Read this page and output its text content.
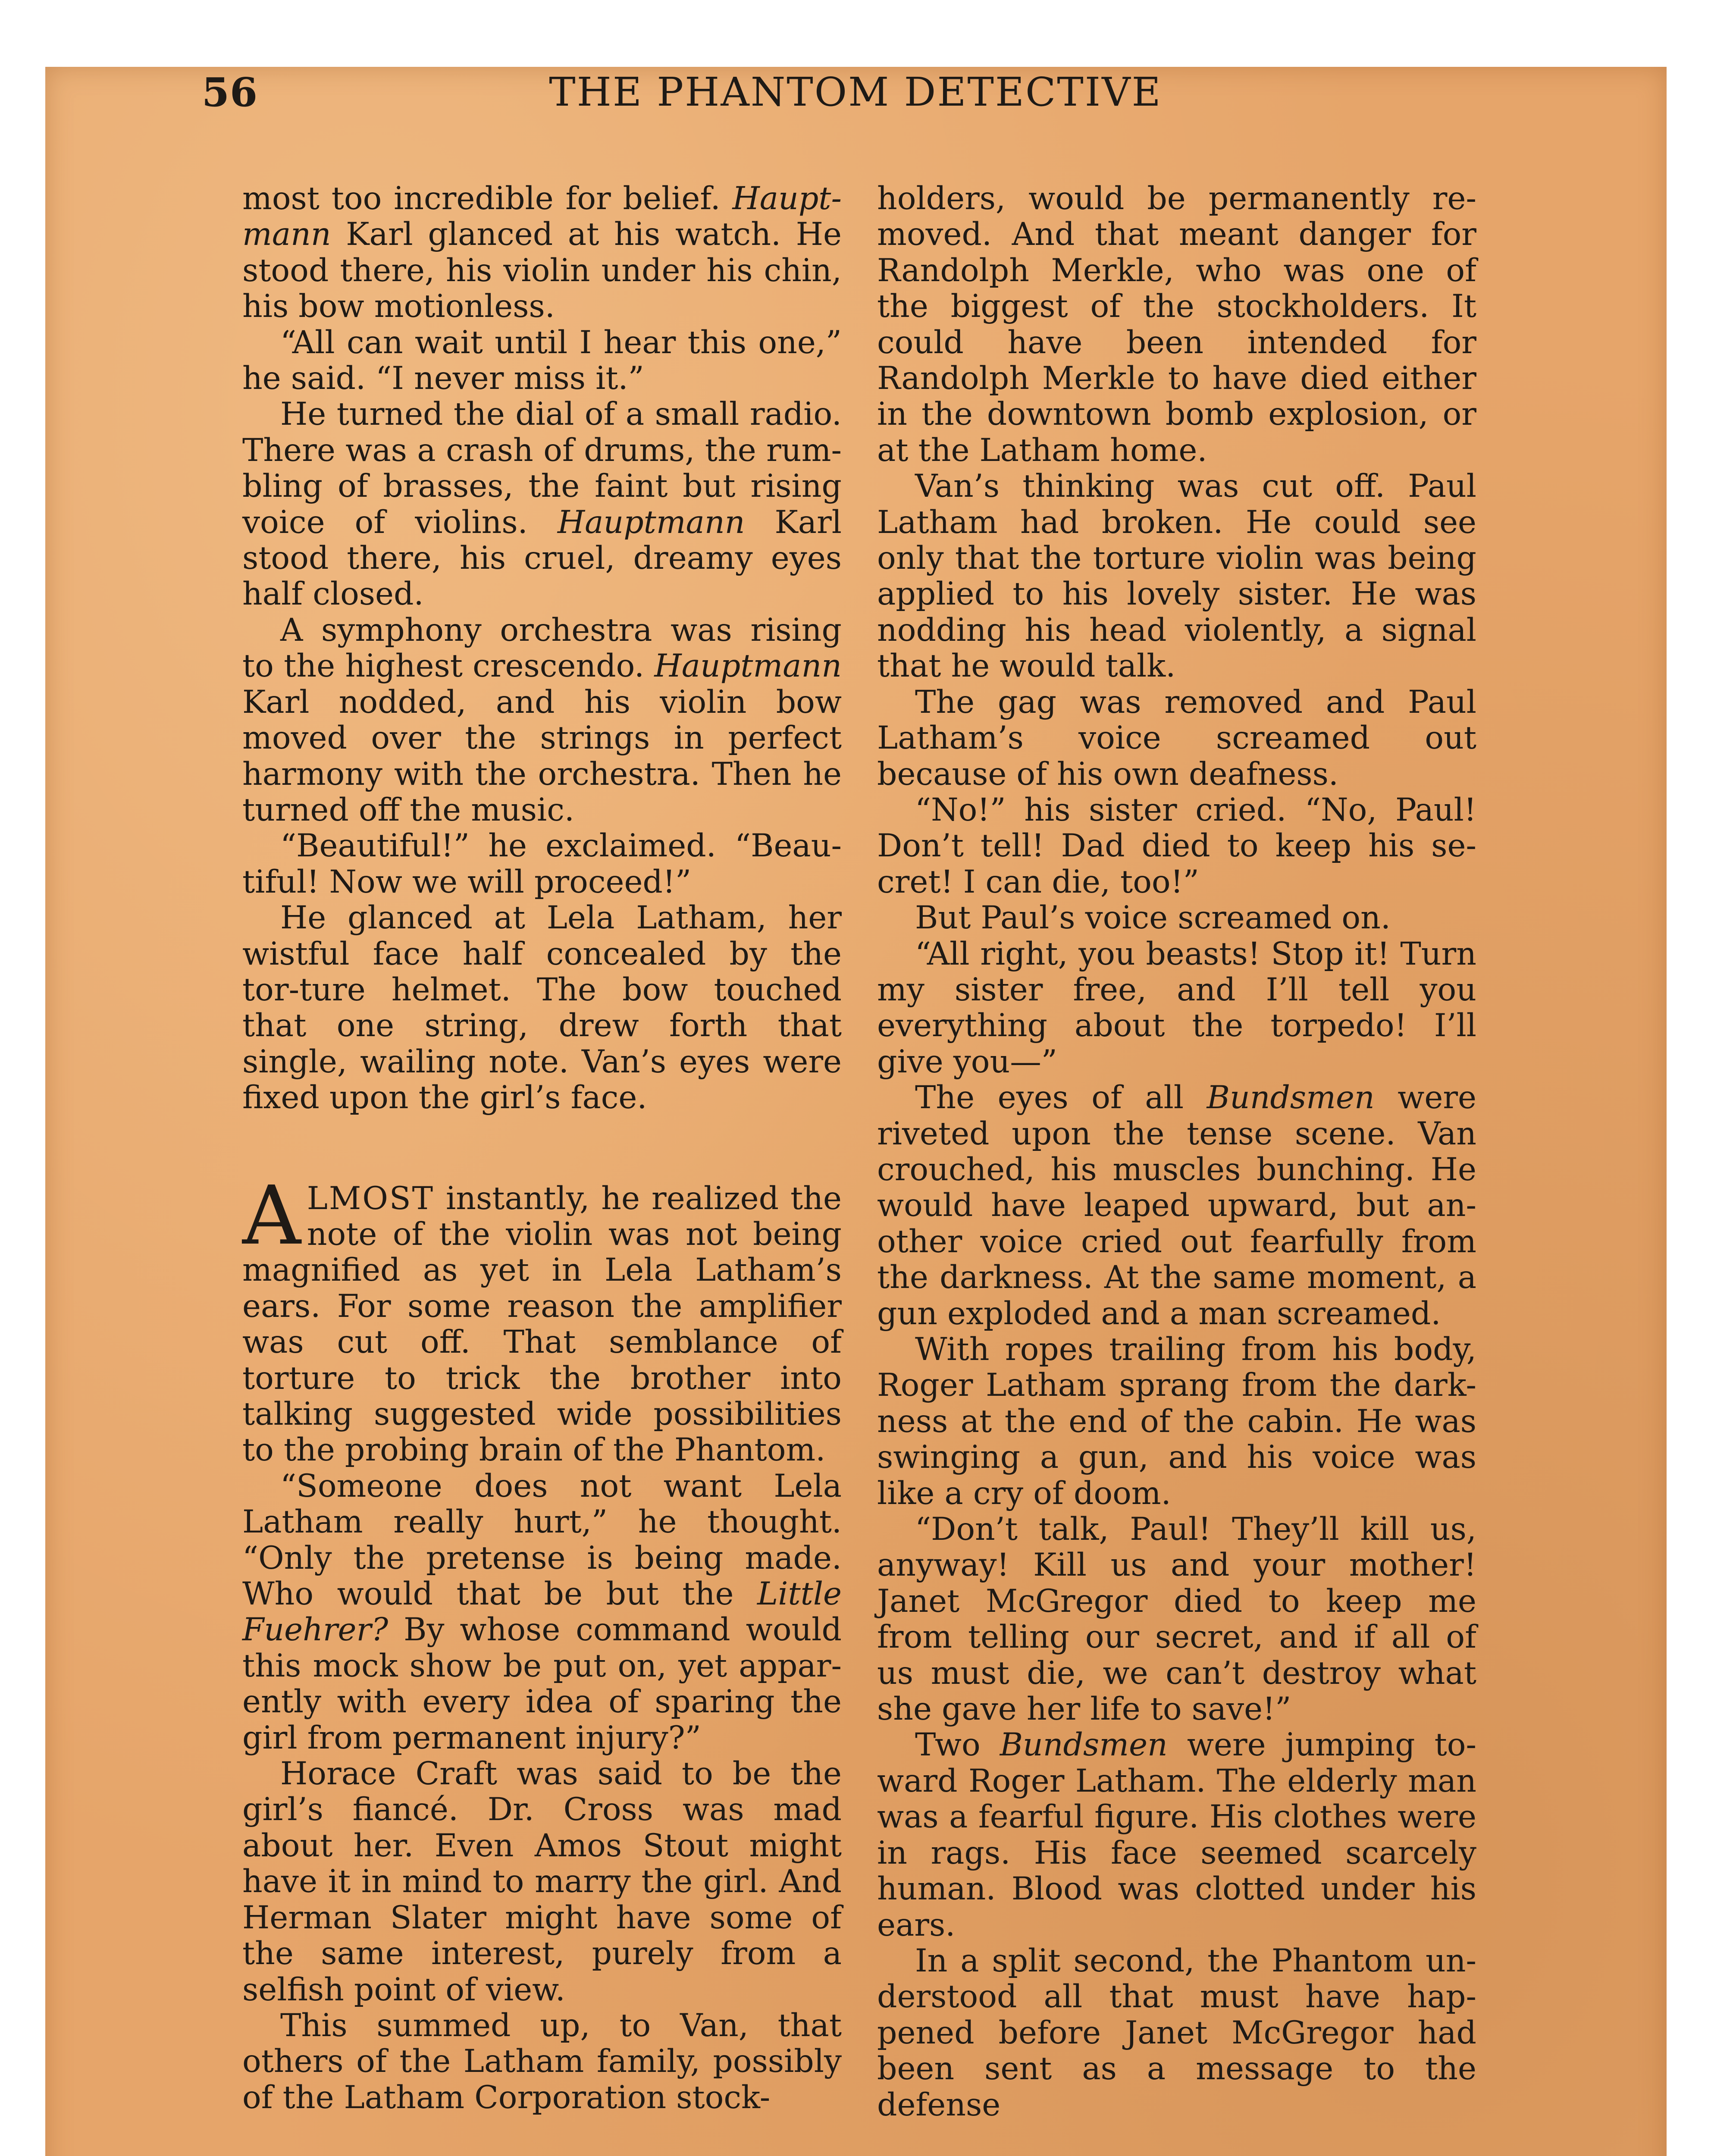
56	THE PHANTOM DETECTIVE

most too incredible for belief. Haupt-mann Karl glanced at his watch. He stood there, his violin under his chin, his bow motionless.

“All can wait until I hear this one,” he said. “I never miss it.”

He turned the dial of a small radio. There was a crash of drums, the rum-bling of brasses, the faint but rising voice of violins. Hauptmann Karl stood there, his cruel, dreamy eyes half closed.

A symphony orchestra was rising to the highest crescendo. Hauptmann Karl nodded, and his violin bow moved over the strings in perfect harmony with the orchestra. Then he turned off the music.

“Beautiful!” he exclaimed. “Beau-tiful! Now we will proceed!”

He glanced at Lela Latham, her wistful face half concealed by the tor-ture helmet. The bow touched that one string, drew forth that single, wailing note. Van’s eyes were fixed upon the girl’s face.

ALMOST instantly, he realized the note of the violin was not being magnified as yet in Lela Latham’s ears. For some reason the amplifier was cut off. That semblance of torture to trick the brother into talking suggested wide possibilities to the probing brain of the Phantom.

“Someone does not want Lela Latham really hurt,” he thought. “Only the pretense is being made. Who would that be but the Little Fuehrer? By whose command would this mock show be put on, yet appar-ently with every idea of sparing the girl from permanent injury?”

Horace Craft was said to be the girl’s fiancé. Dr. Cross was mad about her. Even Amos Stout might have it in mind to marry the girl. And Herman Slater might have some of the same interest, purely from a selfish point of view.

This summed up, to Van, that others of the Latham family, possibly of the Latham Corporation stock-

holders, would be permanently re-moved. And that meant danger for Randolph Merkle, who was one of the biggest of the stockholders. It could have been intended for Randolph Merkle to have died either in the downtown bomb explosion, or at the Latham home.

Van’s thinking was cut off. Paul Latham had broken. He could see only that the torture violin was being applied to his lovely sister. He was nodding his head violently, a signal that he would talk.

The gag was removed and Paul Latham’s voice screamed out because of his own deafness.

“No!” his sister cried. “No, Paul! Don’t tell! Dad died to keep his se-cret! I can die, too!”

But Paul’s voice screamed on.

“All right, you beasts! Stop it! Turn my sister free, and I’ll tell you everything about the torpedo! I’ll give you—”

The eyes of all Bundsmen were riveted upon the tense scene. Van crouched, his muscles bunching. He would have leaped upward, but an-other voice cried out fearfully from the darkness. At the same moment, a gun exploded and a man screamed.

With ropes trailing from his body, Roger Latham sprang from the dark-ness at the end of the cabin. He was swinging a gun, and his voice was like a cry of doom.

“Don’t talk, Paul! They’ll kill us, anyway! Kill us and your mother! Janet McGregor died to keep me from telling our secret, and if all of us must die, we can’t destroy what she gave her life to save!”

Two Bundsmen were jumping to-ward Roger Latham. The elderly man was a fearful figure. His clothes were in rags. His face seemed scarcely human. Blood was clotted under his ears.

In a split second, the Phantom un-derstood all that must have hap-pened before Janet McGregor had been sent as a message to the defense
